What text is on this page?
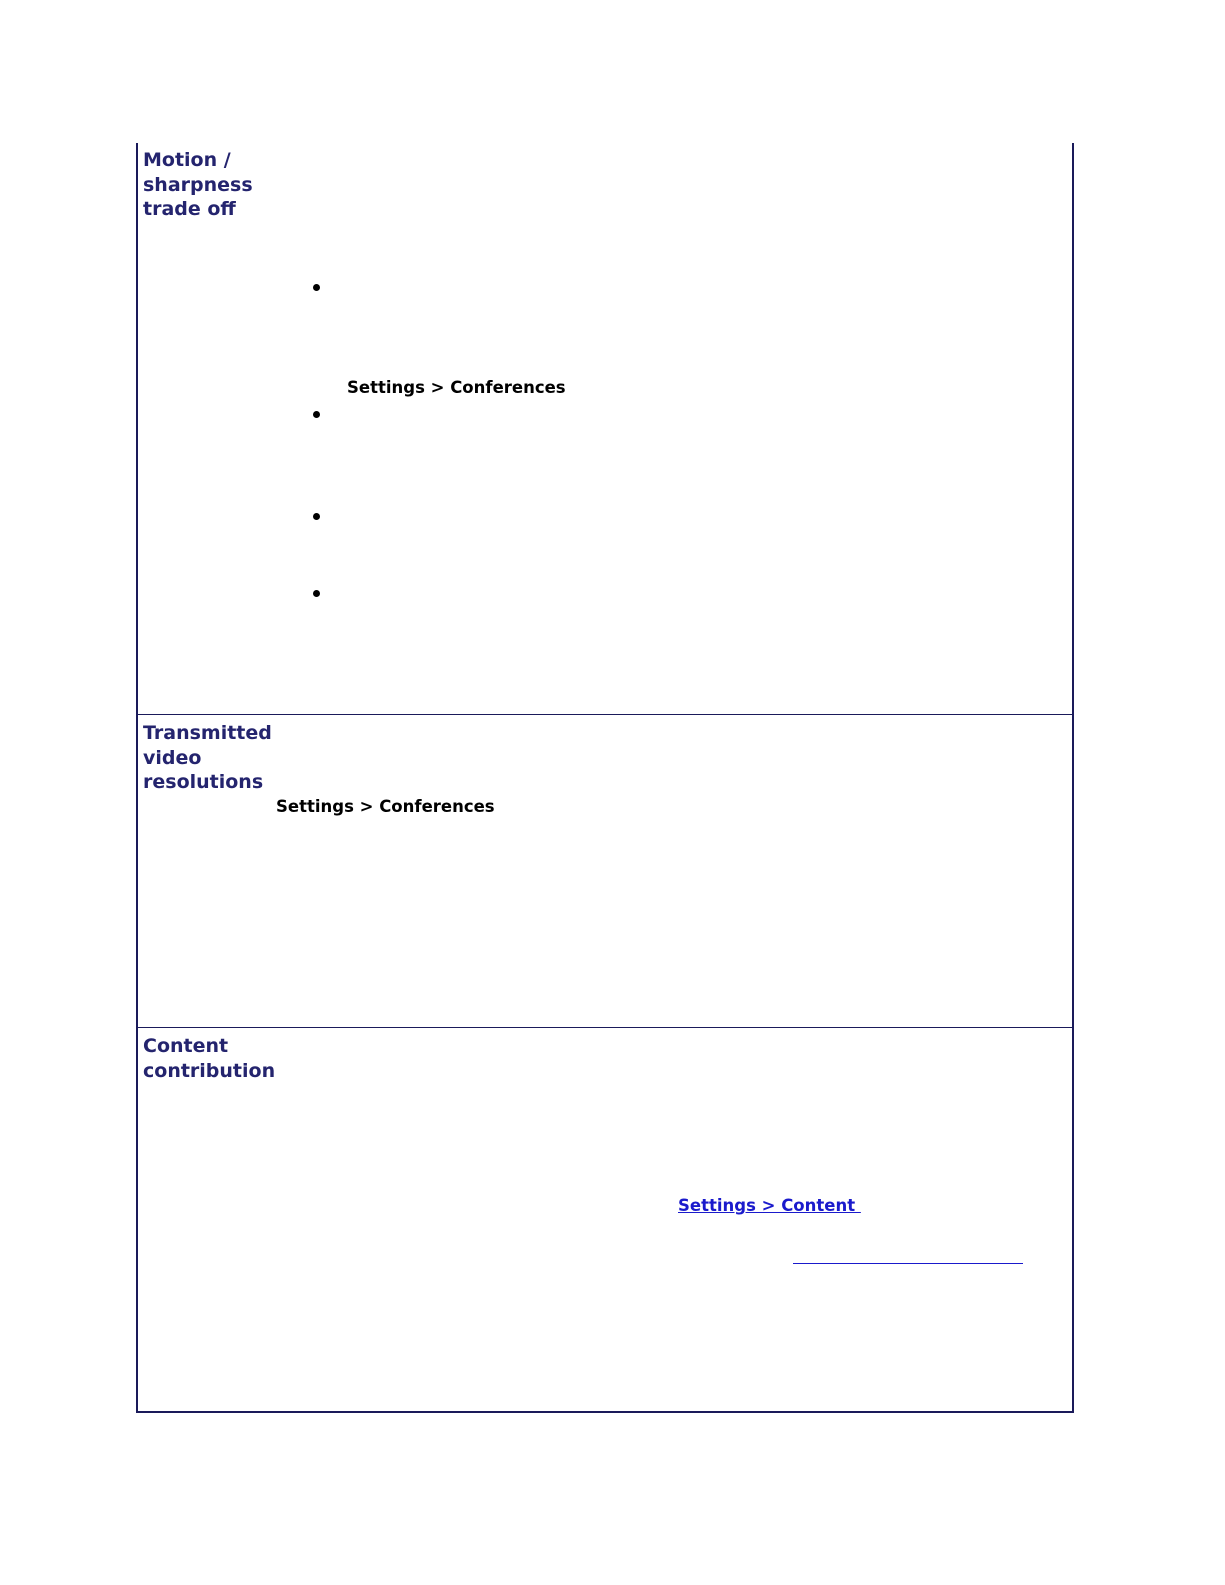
Motion /
sharpness
trade off
Settings > Conferences
Transmitted
video
resolutions
Settings > Conferences
Content
contribution
Settings > Content
